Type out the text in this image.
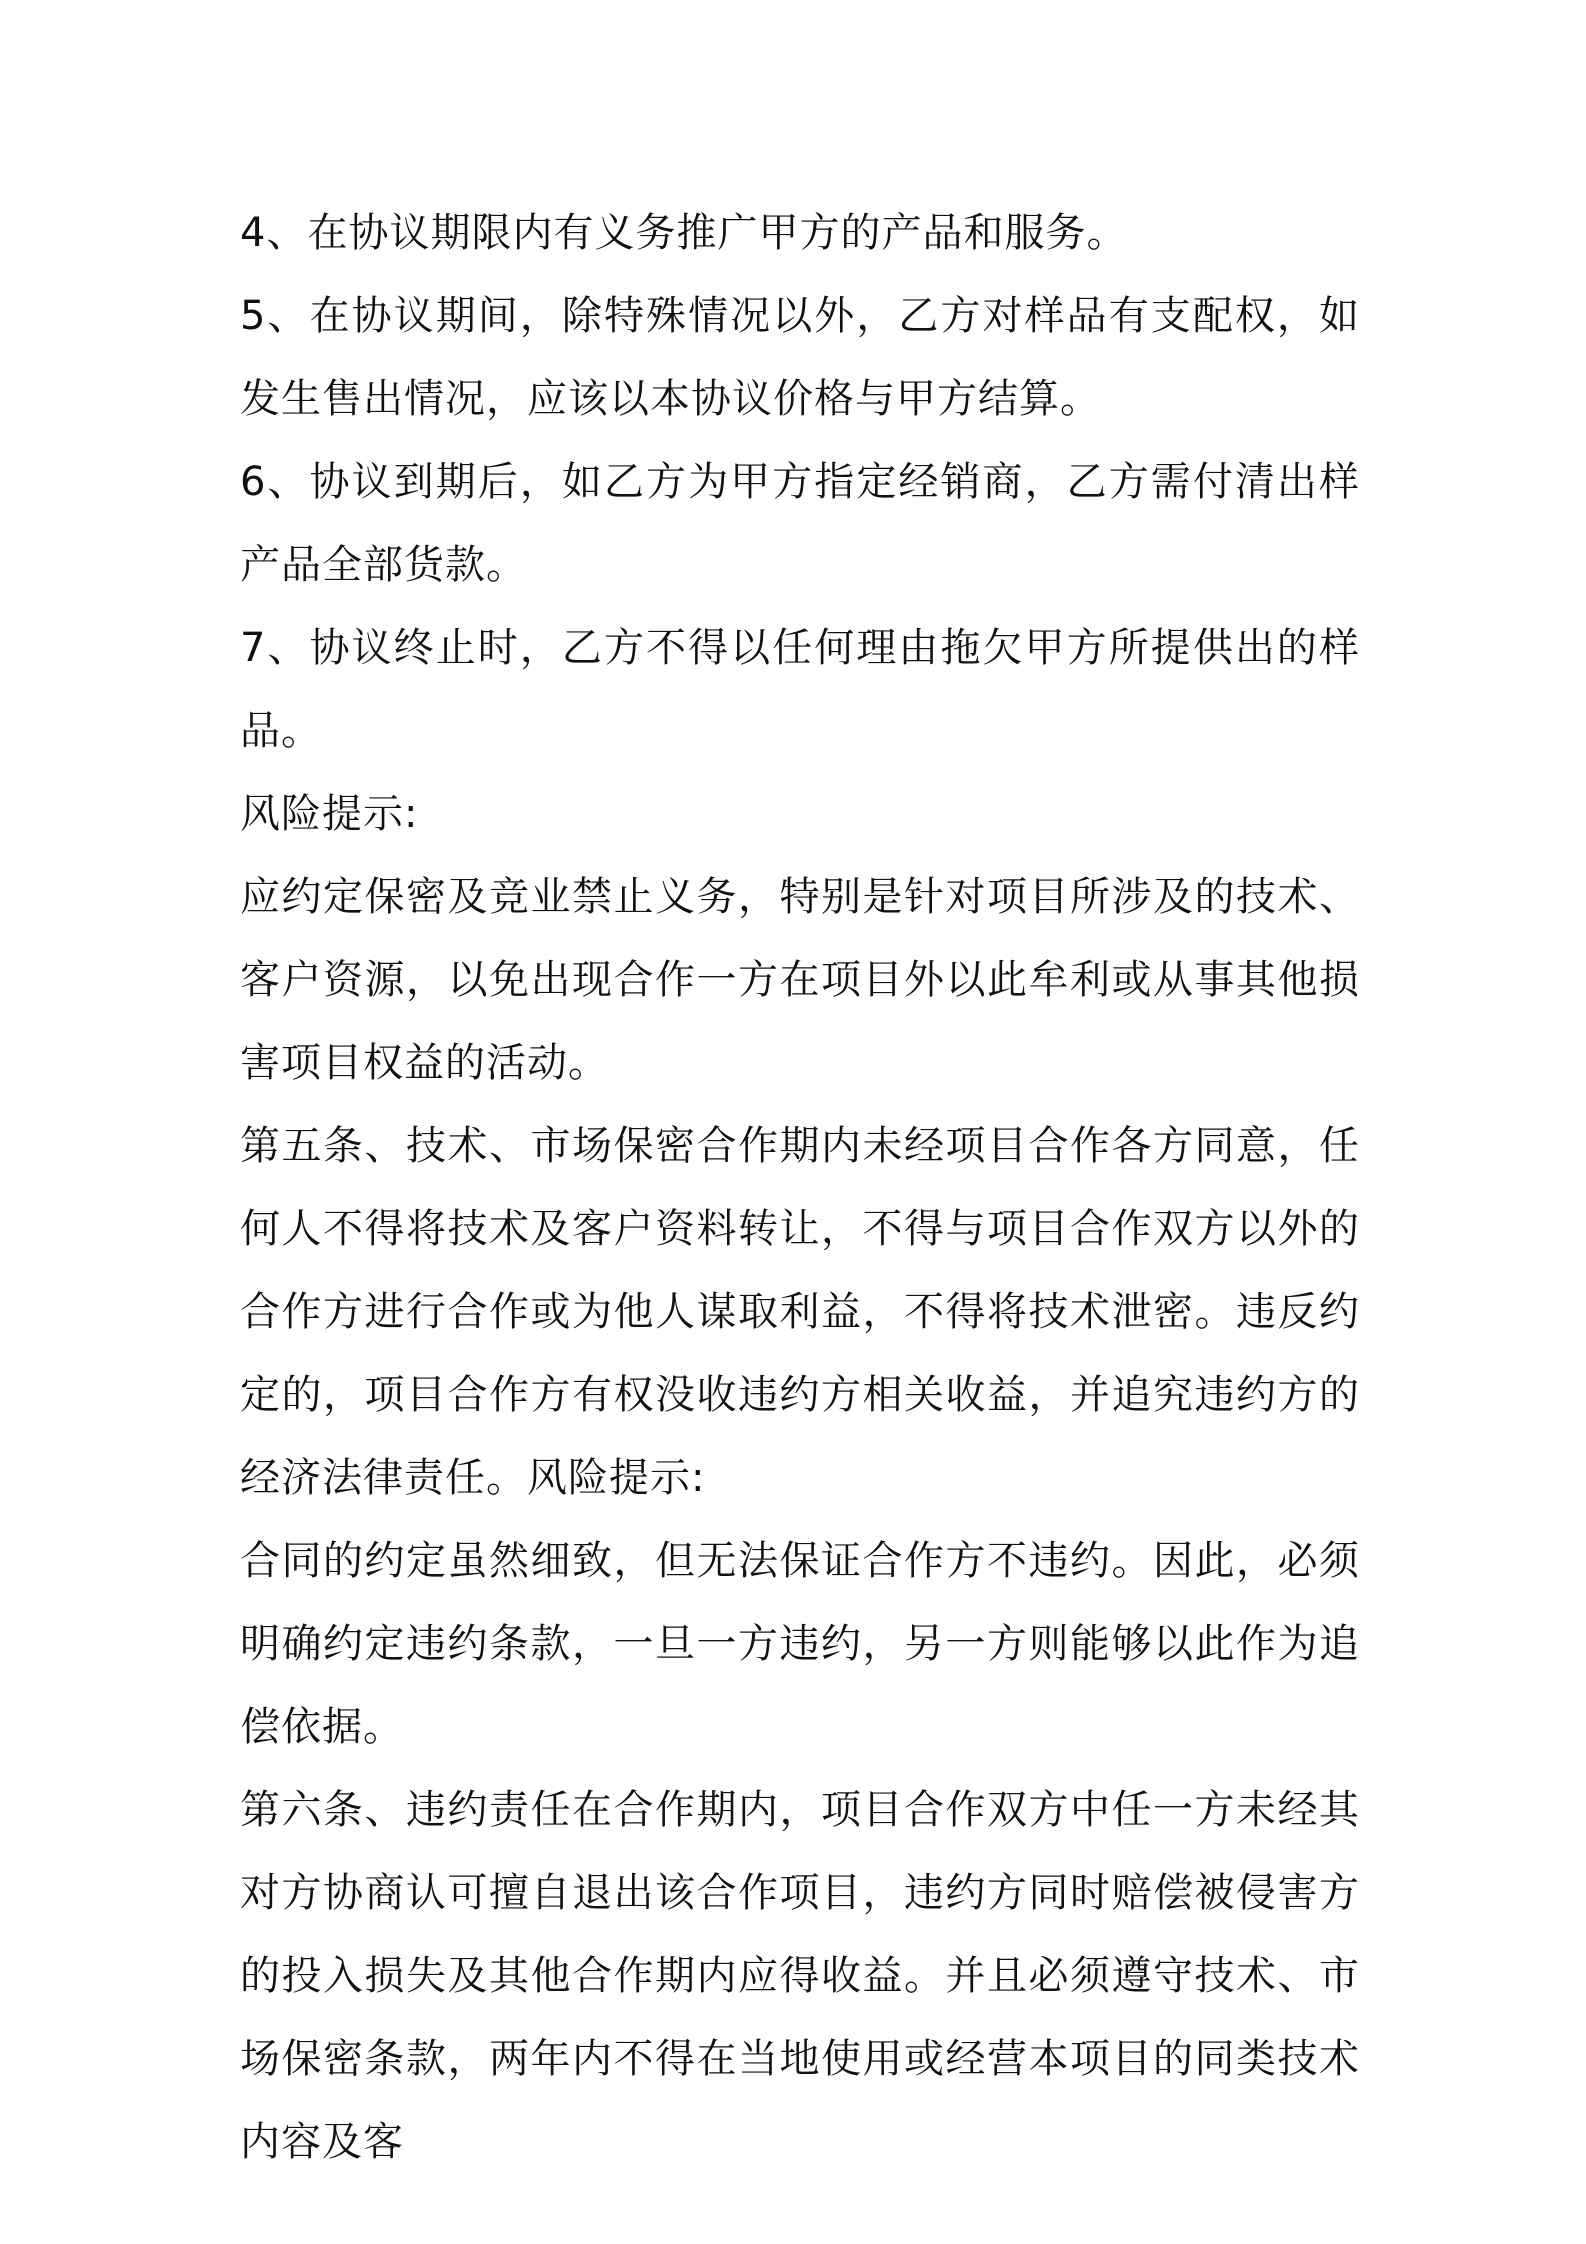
4、在协议期限内有义务推广甲方的产品和服务。

5、在协议期间，除特殊情况以外，乙方对样品有支配权，如发生售出情况，应该以本协议价格与甲方结算。

6、协议到期后，如乙方为甲方指定经销商，乙方需付清出样产品全部货款。

7、协议终止时，乙方不得以任何理由拖欠甲方所提供出的样品。

风险提示:

应约定保密及竞业禁止义务，特别是针对项目所涉及的技术、客户资源，以免出现合作一方在项目外以此牟利或从事其他损害项目权益的活动。

第五条、技术、市场保密合作期内未经项目合作各方同意，任何人不得将技术及客户资料转让，不得与项目合作双方以外的合作方进行合作或为他人谋取利益，不得将技术泄密。违反约定的，项目合作方有权没收违约方相关收益，并追究违约方的经济法律责任。风险提示:

合同的约定虽然细致，但无法保证合作方不违约。因此，必须明确约定违约条款，一旦一方违约，另一方则能够以此作为追偿依据。

第六条、违约责任在合作期内，项目合作双方中任一方未经其对方协商认可擅自退出该合作项目，违约方同时赔偿被侵害方的投入损失及其他合作期内应得收益。并且必须遵守技术、市场保密条款，两年内不得在当地使用或经营本项目的同类技术内容及客
